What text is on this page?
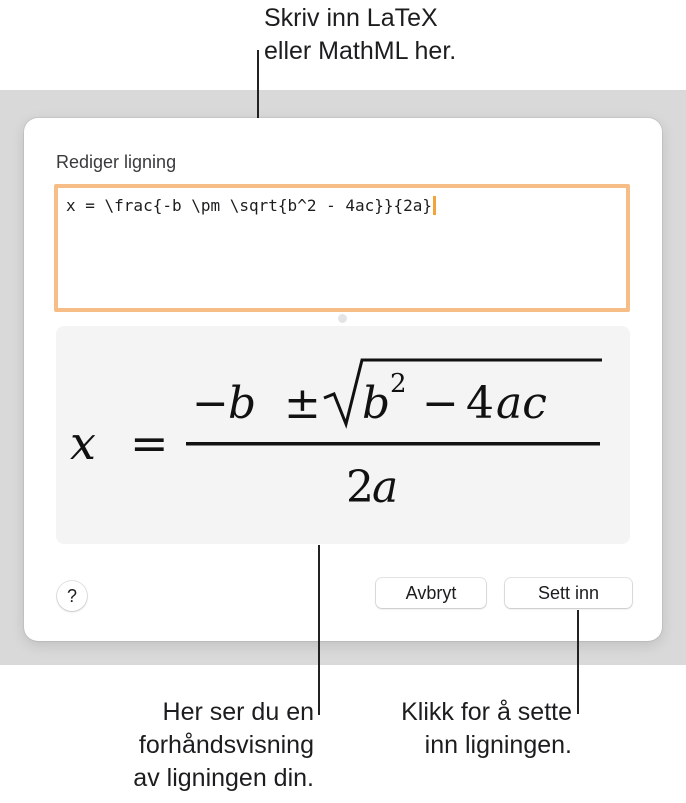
Skriv inn LaTeX
eller MathML her.
Rediger ligning
x = \frac{-b \pm \sqrt{b^2 - 4ac}}{2a}
x =
− b ± b 2 − 4 ac
2
a
?	Avbryt	Sett inn
Her ser du en
forhåndsvisning
av ligningen din.
Klikk for å sette
inn ligningen.
